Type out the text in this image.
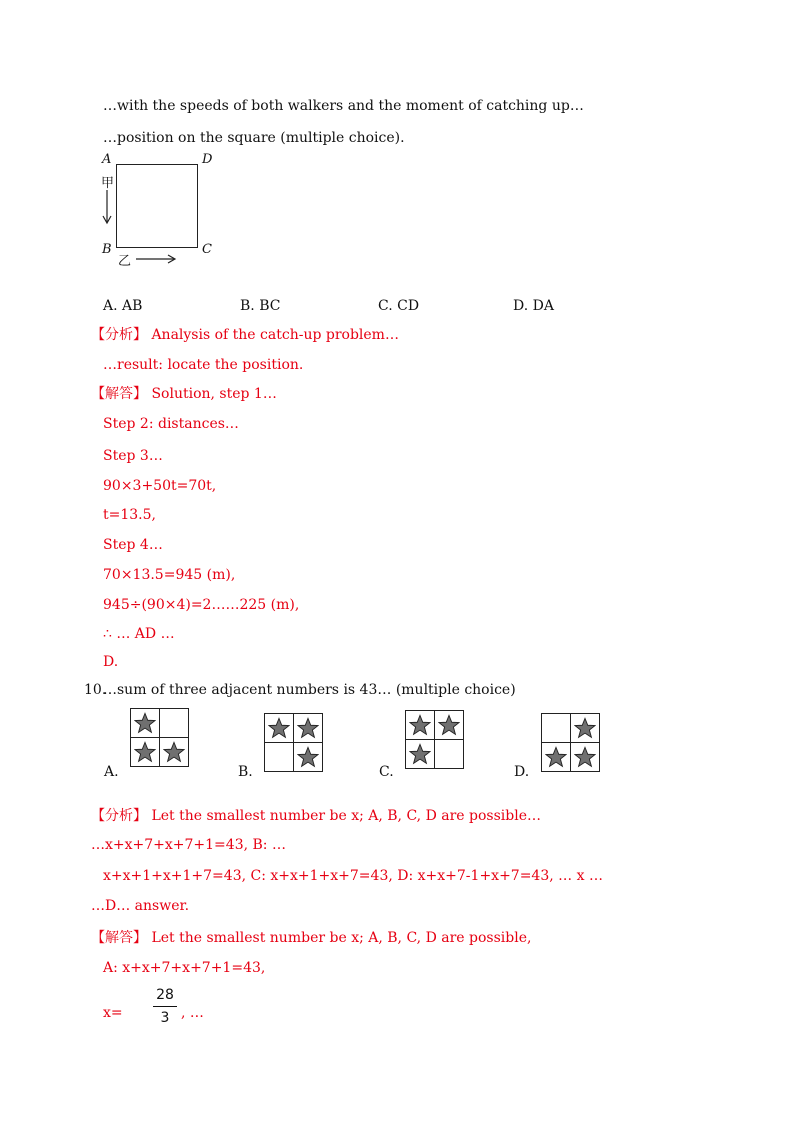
…with the speeds of both walkers and the moment of catching up…
…position on the square (multiple choice).
A	D
B	C
甲
乙
A. AB	B. BC	C. CD	D. DA
【分析】 Analysis of the catch-up problem…
…result: locate the position.
【解答】 Solution, step 1…
Step 2: distances…
Step 3…
90×3+50t=70t,
t=13.5,
Step 4…
70×13.5=945 (m),
945÷(90×4)=2……225 (m),
∴ … AD …
D.
10.
…sum of three adjacent numbers is 43… (multiple choice)
A.	B.	C.	D.
【分析】 Let the smallest number be x; A, B, C, D are possible…
…x+x+7+x+7+1=43, B: …
x+x+1+x+1+7=43, C: x+x+1+x+7=43, D: x+x+7-1+x+7=43, … x …
…D… answer.
【解答】 Let the smallest number be x; A, B, C, D are possible,
A: x+x+7+x+7+1=43,
x=
28
3 , …
